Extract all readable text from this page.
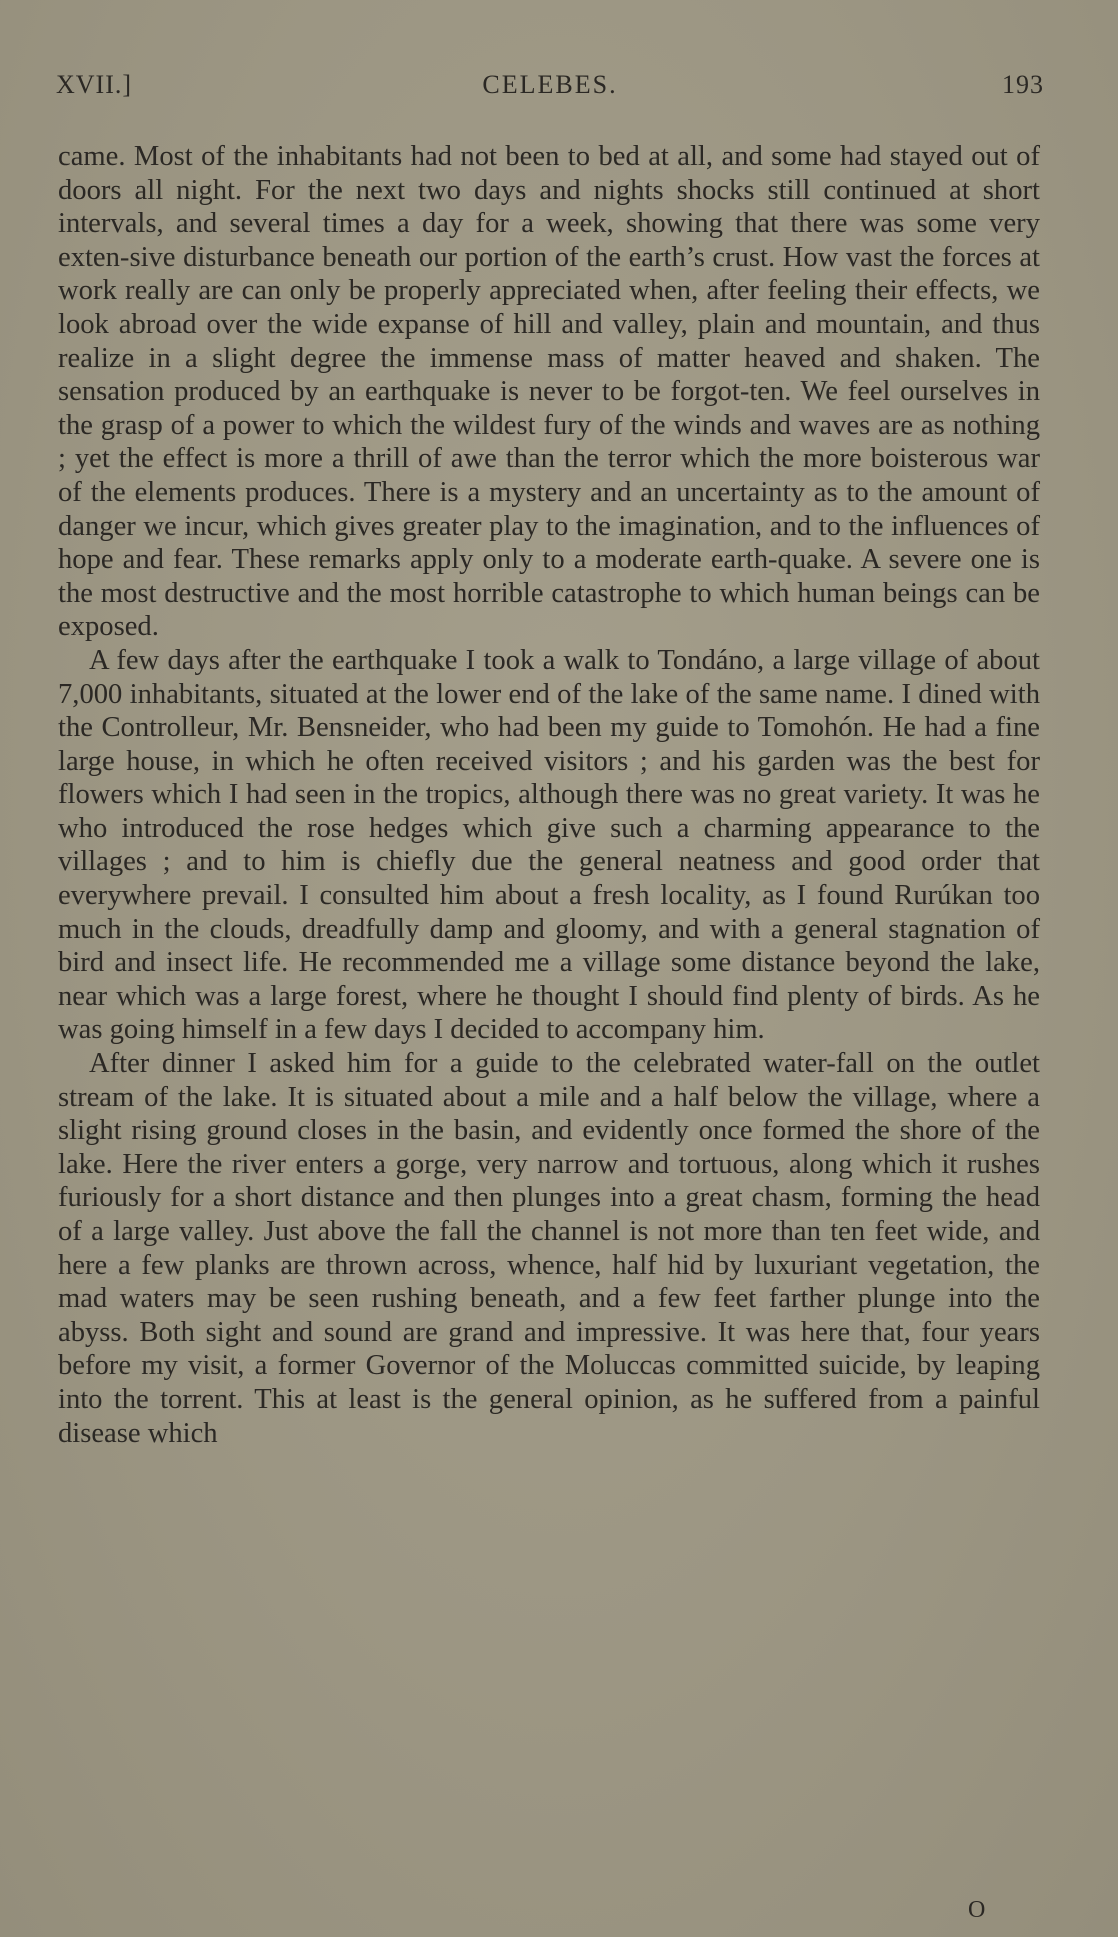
XVII.]	CELEBES.	193

came. Most of the inhabitants had not been to bed at all, and some had stayed out of doors all night. For the next two days and nights shocks still continued at short intervals, and several times a day for a week, showing that there was some very exten-sive disturbance beneath our portion of the earth’s crust. How vast the forces at work really are can only be properly appreciated when, after feeling their effects, we look abroad over the wide expanse of hill and valley, plain and mountain, and thus realize in a slight degree the immense mass of matter heaved and shaken. The sensation produced by an earthquake is never to be forgot-ten. We feel ourselves in the grasp of a power to which the wildest fury of the winds and waves are as nothing ; yet the effect is more a thrill of awe than the terror which the more boisterous war of the elements produces. There is a mystery and an uncertainty as to the amount of danger we incur, which gives greater play to the imagination, and to the influences of hope and fear. These remarks apply only to a moderate earth-quake. A severe one is the most destructive and the most horrible catastrophe to which human beings can be exposed.

A few days after the earthquake I took a walk to Tondáno, a large village of about 7,000 inhabitants, situated at the lower end of the lake of the same name. I dined with the Controlleur, Mr. Bensneider, who had been my guide to Tomohón. He had a fine large house, in which he often received visitors ; and his garden was the best for flowers which I had seen in the tropics, although there was no great variety. It was he who introduced the rose hedges which give such a charming appearance to the villages ; and to him is chiefly due the general neatness and good order that everywhere prevail. I consulted him about a fresh locality, as I found Rurúkan too much in the clouds, dreadfully damp and gloomy, and with a general stagnation of bird and insect life. He recommended me a village some distance beyond the lake, near which was a large forest, where he thought I should find plenty of birds. As he was going himself in a few days I decided to accompany him.

After dinner I asked him for a guide to the celebrated water-fall on the outlet stream of the lake. It is situated about a mile and a half below the village, where a slight rising ground closes in the basin, and evidently once formed the shore of the lake. Here the river enters a gorge, very narrow and tortuous, along which it rushes furiously for a short distance and then plunges into a great chasm, forming the head of a large valley. Just above the fall the channel is not more than ten feet wide, and here a few planks are thrown across, whence, half hid by luxuriant vegetation, the mad waters may be seen rushing beneath, and a few feet farther plunge into the abyss. Both sight and sound are grand and impressive. It was here that, four years before my visit, a former Governor of the Moluccas committed suicide, by leaping into the torrent. This at least is the general opinion, as he suffered from a painful disease which

O
